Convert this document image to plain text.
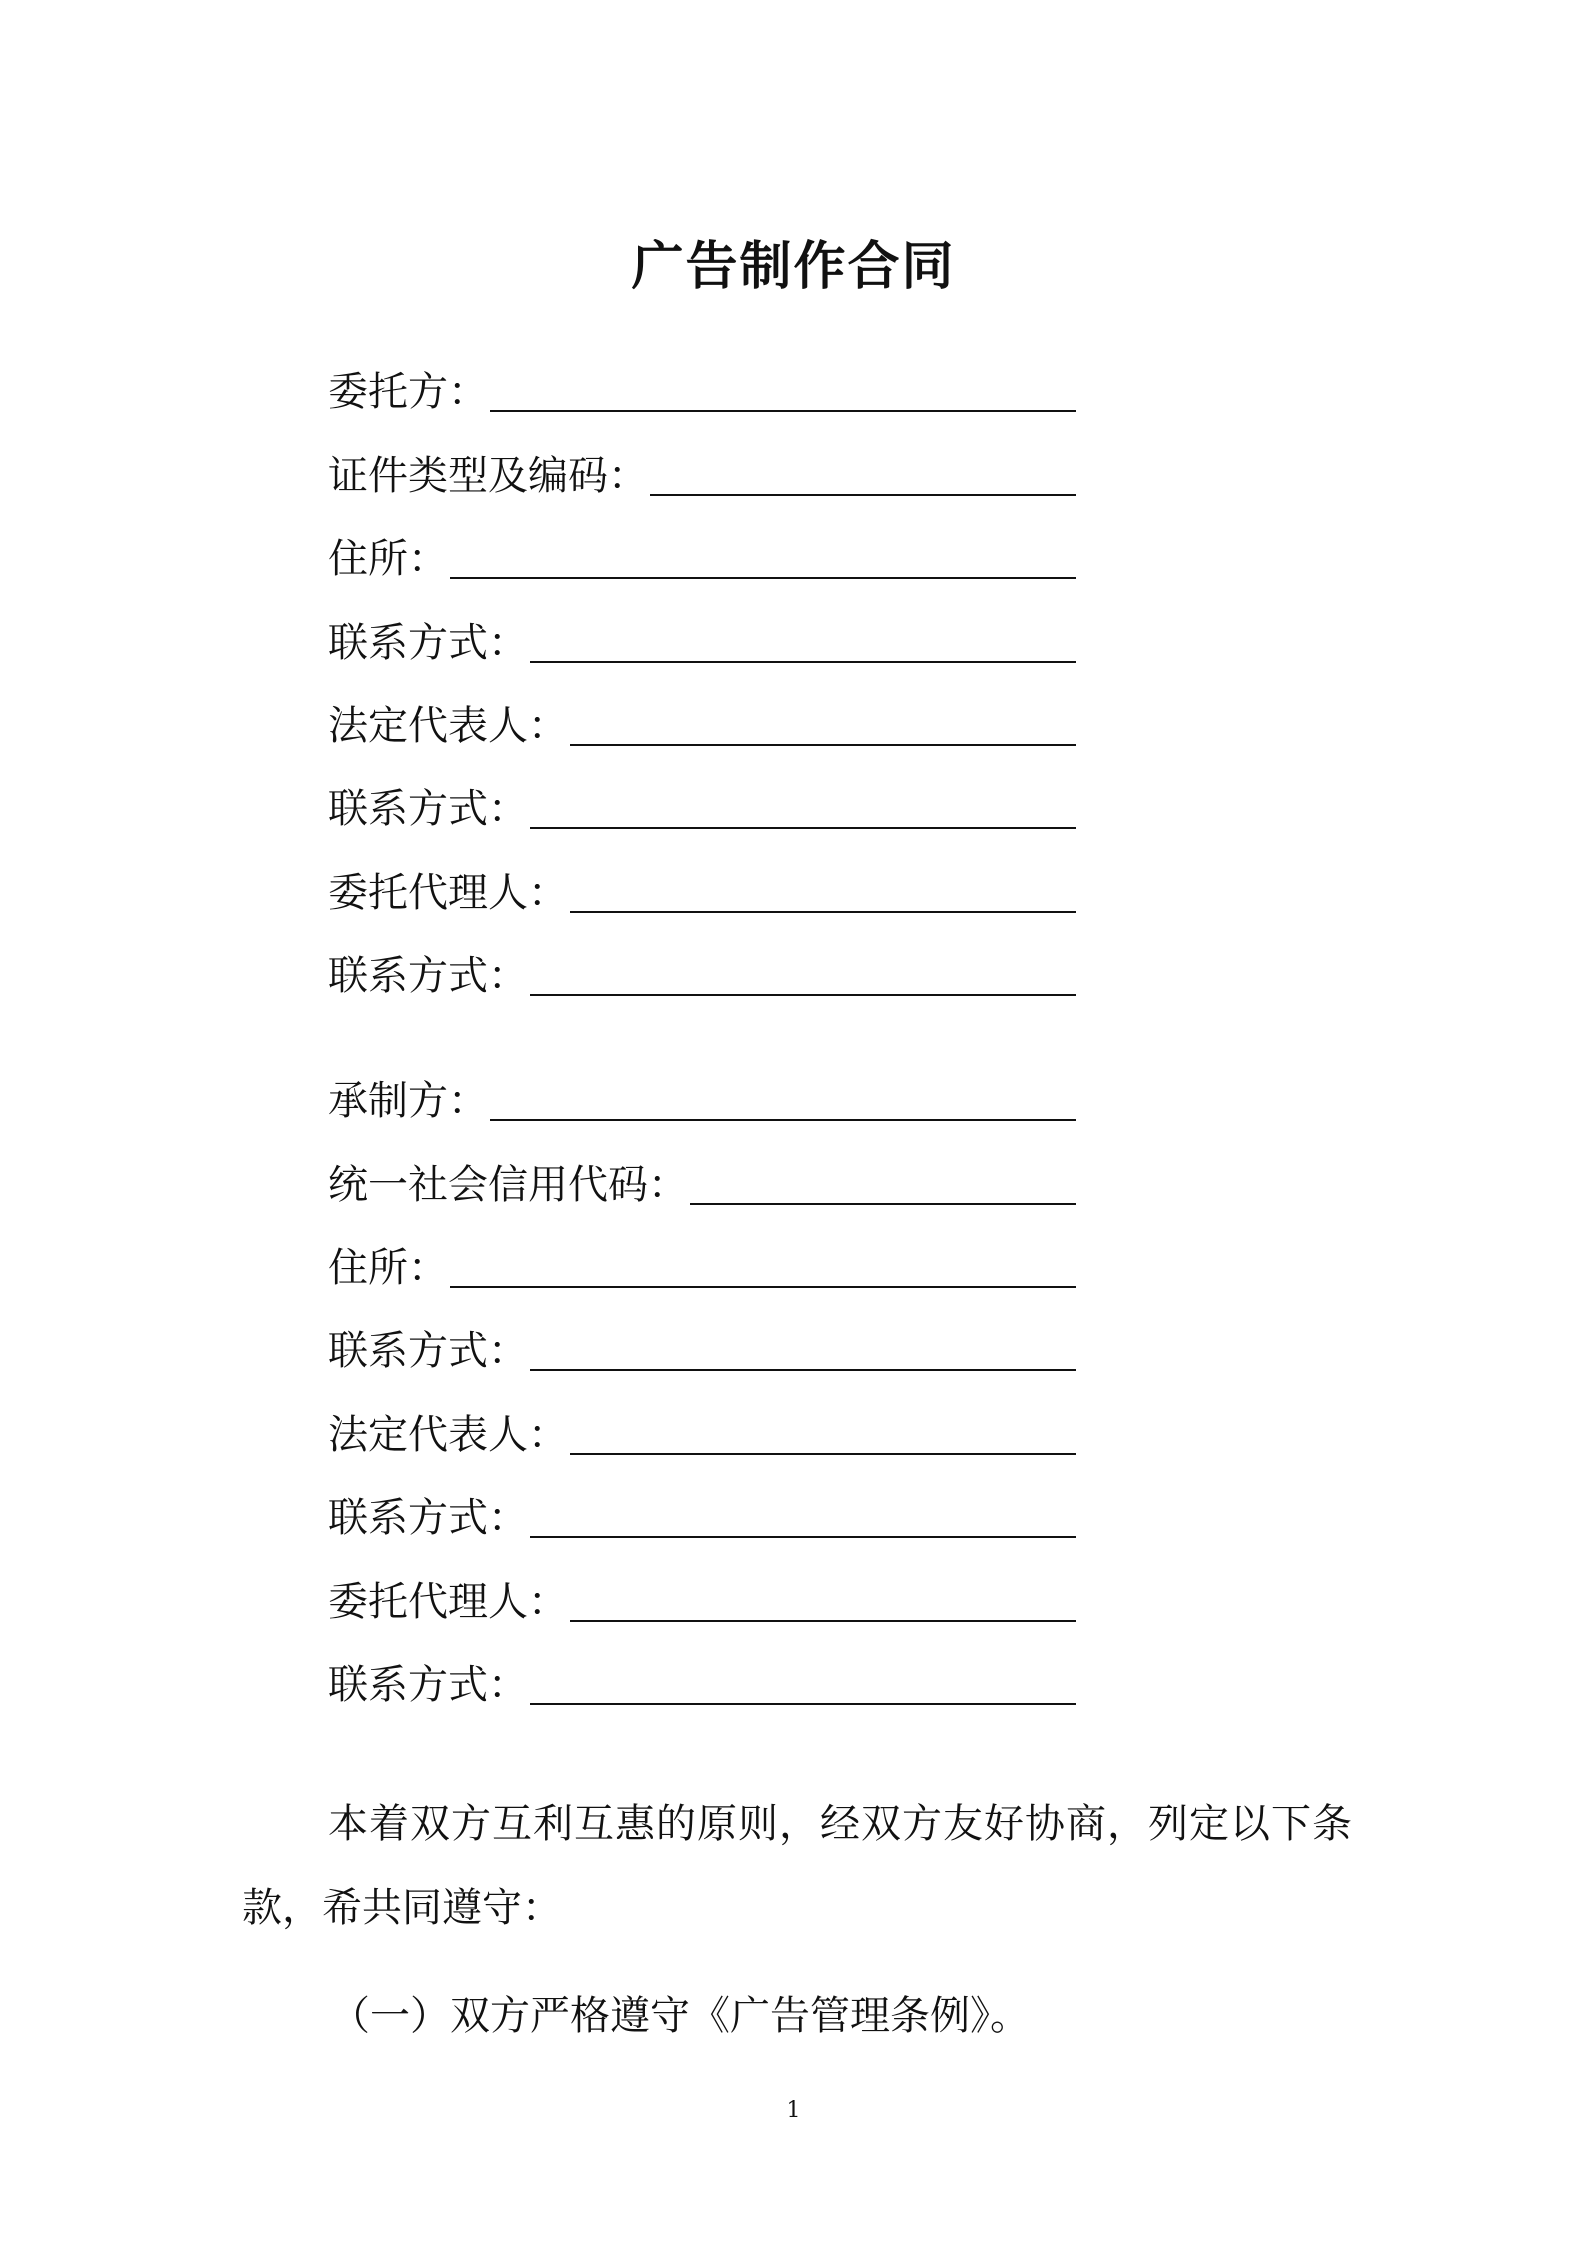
广告制作合同
委托方：
证件类型及编码：
住所：
联系方式：
法定代表人：
联系方式：
委托代理人：
联系方式：
承制方：
统一社会信用代码：
住所：
联系方式：
法定代表人：
联系方式：
委托代理人：
联系方式：
本着双方互利互惠的原则，经双方友好协商，列定以下条款，希共同遵守：
（一）双方严格遵守《广告管理条例》。
1
